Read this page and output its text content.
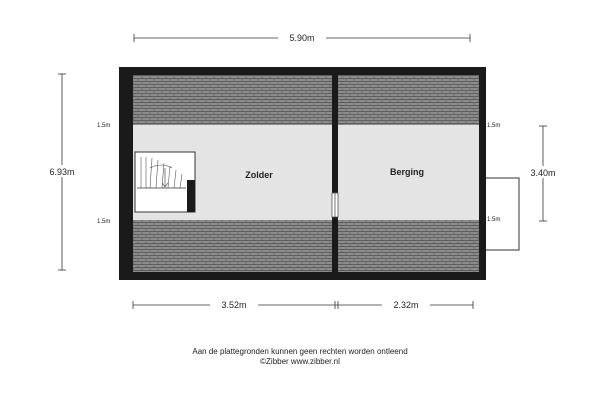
Zolder	Berging
1.5m
1.5m
1.5m
1.5m
5.90m
6.93m	3.40m
3.52m	2.32m
Aan de plattegronden kunnen geen rechten worden ontleend
©Zibber www.zibber.nl
